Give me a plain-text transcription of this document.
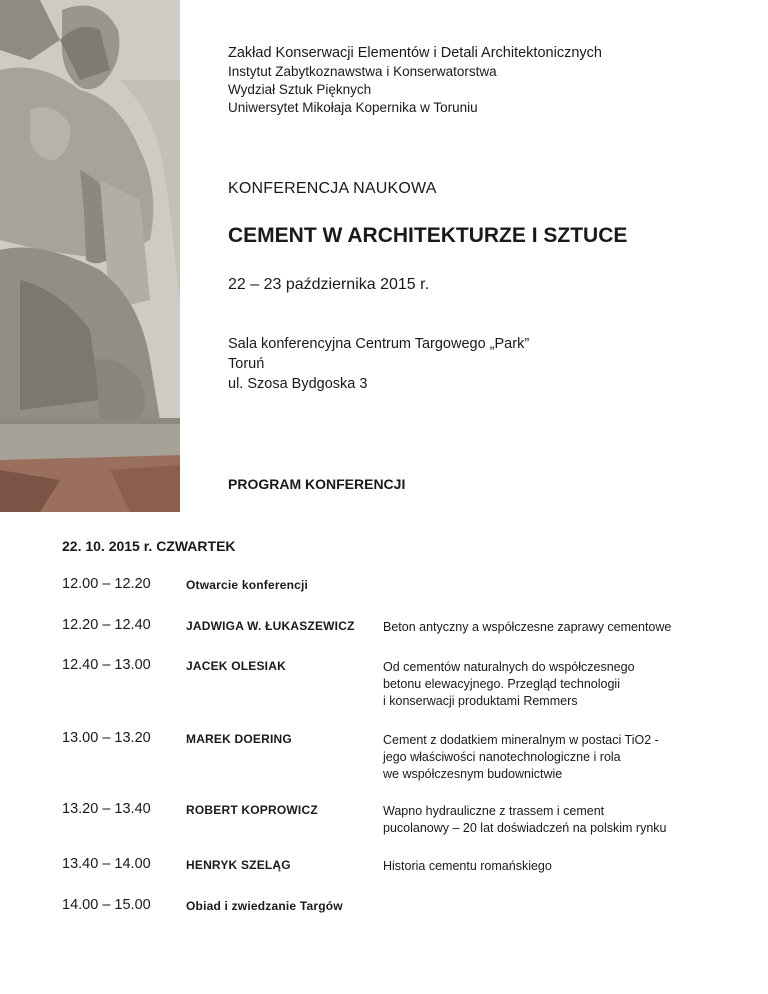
Zakład Konserwacji Elementów i Detali Architektonicznych
Instytut Zabytkoznawstwa i Konserwatorstwa
Wydział Sztuk Pięknych
Uniwersytet Mikołaja Kopernika w Toruniu
KONFERENCJA NAUKOWA
CEMENT W ARCHITEKTURZE I SZTUCE
22 – 23 października 2015 r.
Sala konferencyjna Centrum Targowego „Park”
Toruń
ul. Szosa Bydgoska 3
PROGRAM KONFERENCJI
22. 10. 2015 r. CZWARTEK
12.00 – 12.20	Otwarcie konferencji
12.20 – 12.40	JADWIGA W. ŁUKASZEWICZ Beton antyczny a współczesne zaprawy cementowe
12.40 – 13.00	JACEK OLESIAK	Od cementów naturalnych do współczesnego
betonu elewacyjnego. Przegląd technologii
i konserwacji produktami Remmers
13.00 – 13.20	MAREK DOERING	Cement z dodatkiem mineralnym w postaci TiO2 -
jego właściwości nanotechnologiczne i rola
we współczesnym budownictwie
13.20 – 13.40	ROBERT KOPROWICZ	Wapno hydrauliczne z trassem i cement
pucolanowy – 20 lat doświadczeń na polskim rynku
13.40 – 14.00	HENRYK SZELĄG	Historia cementu romańskiego
14.00 – 15.00	Obiad i zwiedzanie Targów
